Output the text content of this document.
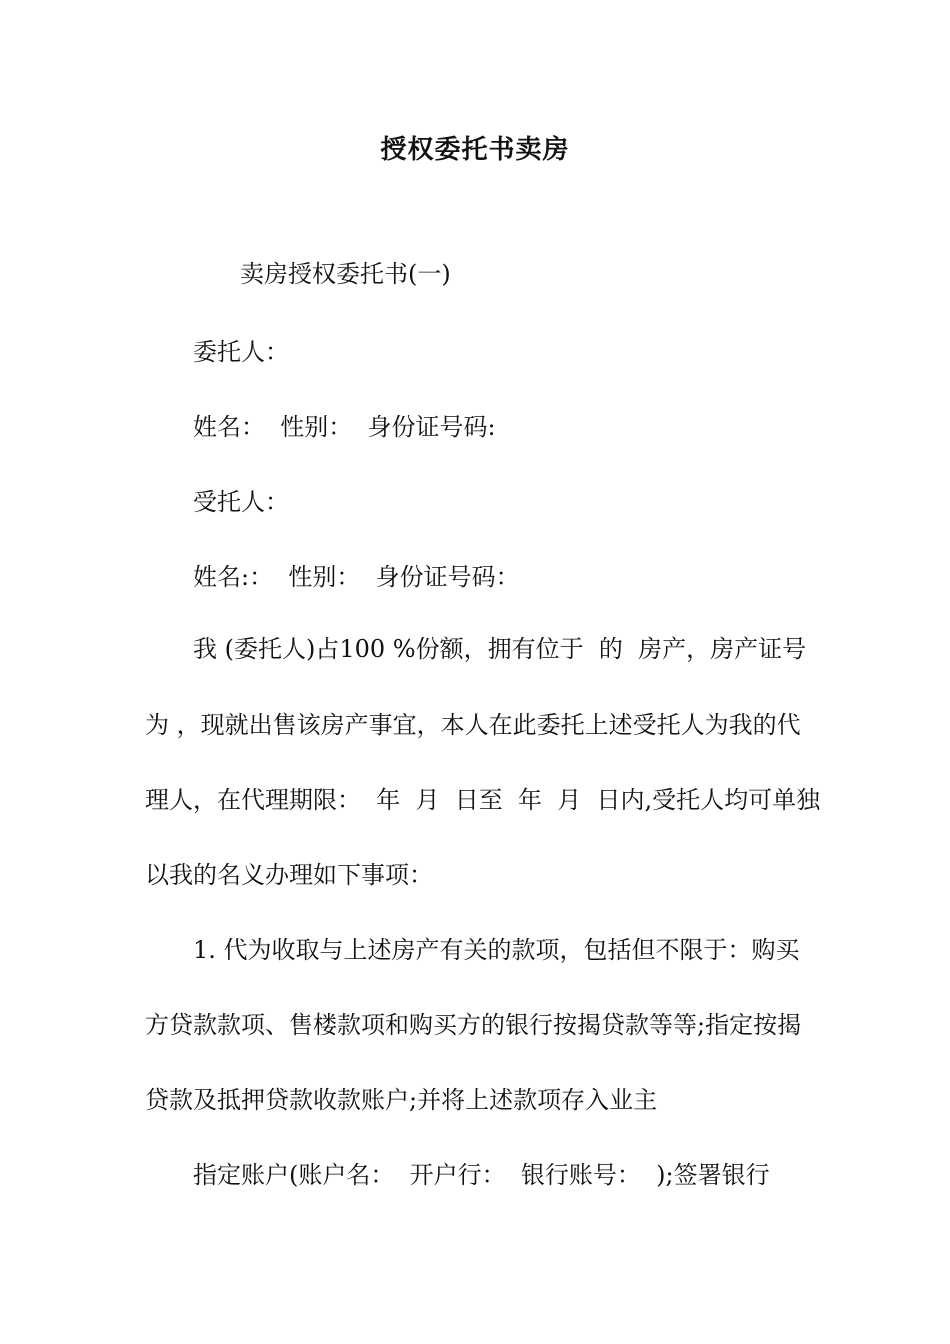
授权委托书卖房
卖房授权委托书(一)
委托人：
姓名：  性别：  身份证号码:
受托人：
姓名:：  性别：  身份证号码：
我 (委托人)占100 %份额，拥有位于  的  房产，房产证号
为 ，现就出售该房产事宜，本人在此委托上述受托人为我的代
理人，在代理期限：  年  月  日至  年  月  日内,受托人均可单独
以我的名义办理如下事项：
1. 代为收取与上述房产有关的款项，包括但不限于：购买
方贷款款项、售楼款项和购买方的银行按揭贷款等等;指定按揭
贷款及抵押贷款收款账户;并将上述款项存入业主
指定账户(账户名：  开户行：  银行账号：  );签署银行
